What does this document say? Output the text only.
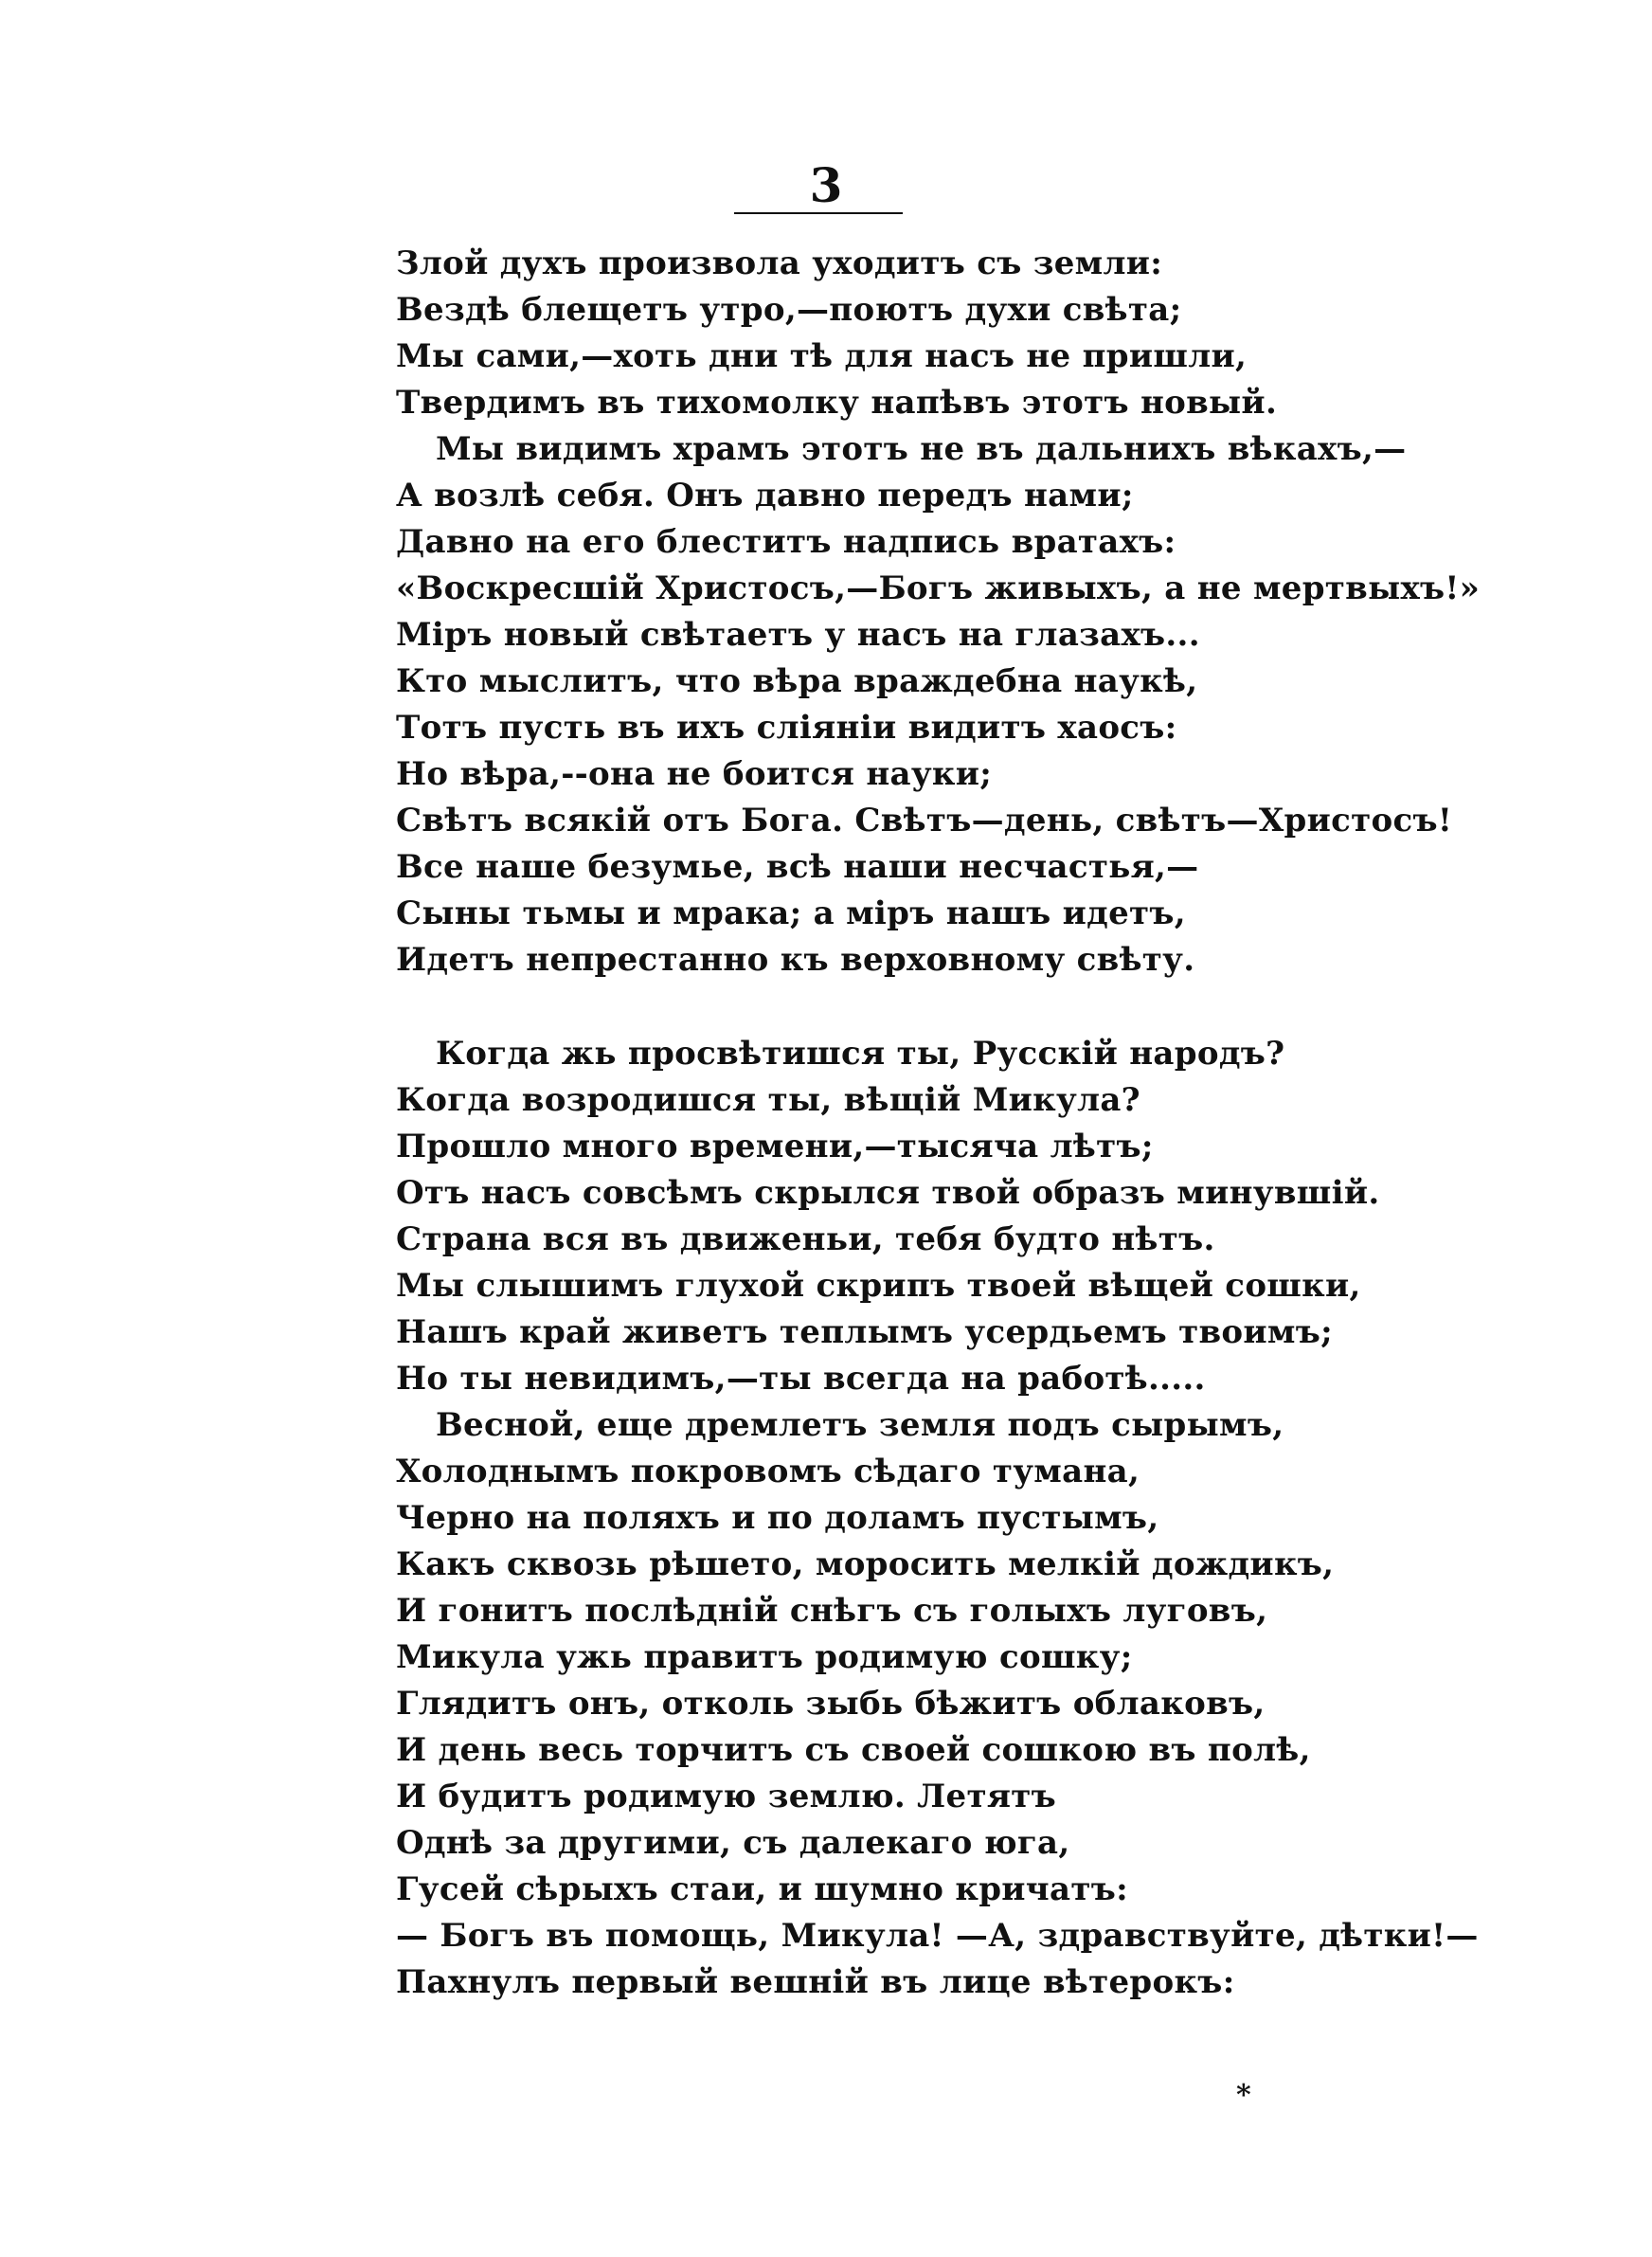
3
Злой духъ произвола уходитъ съ земли:
Вездѣ блещетъ утро,—поютъ духи свѣта;
Мы сами,—хоть дни тѣ для насъ не пришли,
Твердимъ въ тихомолку напѣвъ этотъ новый.
Мы видимъ храмъ этотъ не въ дальнихъ вѣкахъ,—
А возлѣ себя. Онъ давно передъ нами;
Давно на его блеститъ надпись вратахъ:
«Воскресшій Христосъ,—Богъ живыхъ, а не мертвыхъ!»
Міръ новый свѣтаетъ у насъ на глазахъ...
Кто мыслитъ, что вѣра враждебна наукѣ,
Тотъ пусть въ ихъ сліяніи видитъ хаосъ:
Но вѣра,--она не боится науки;
Свѣтъ всякій отъ Бога. Свѣтъ—день, свѣтъ—Христосъ!
Все наше безумье, всѣ наши несчастья,—
Сыны тьмы и мрака; а міръ нашъ идетъ,
Идетъ непрестанно къ верховному свѣту.
Когда жь просвѣтишся ты, Русскій народъ?
Когда возродишся ты, вѣщій Микула?
Прошло много времени,—тысяча лѣтъ;
Отъ насъ совсѣмъ скрылся твой образъ минувшій.
Страна вся въ движеньи, тебя будто нѣтъ.
Мы слышимъ глухой скрипъ твоей вѣщей сошки,
Нашъ край живетъ теплымъ усердьемъ твоимъ;
Но ты невидимъ,—ты всегда на работѣ.....
Весной, еще дремлетъ земля подъ сырымъ,
Холоднымъ покровомъ сѣдаго тумана,
Черно на поляхъ и по доламъ пустымъ,
Какъ сквозь рѣшето, моросить мелкій дождикъ,
И гонитъ послѣдній снѣгъ съ голыхъ луговъ,
Микула ужь правитъ родимую сошку;
Глядитъ онъ, отколь зыбь бѣжитъ облаковъ,
И день весь торчитъ съ своей сошкою въ полѣ,
И будитъ родимую землю. Летятъ
Однѣ за другими, съ далекаго юга,
Гусей сѣрыхъ стаи, и шумно кричатъ:
— Богъ въ помощь, Микула! —А, здравствуйте, дѣтки!—
Пахнулъ первый вешній въ лице вѣтерокъ:
*
